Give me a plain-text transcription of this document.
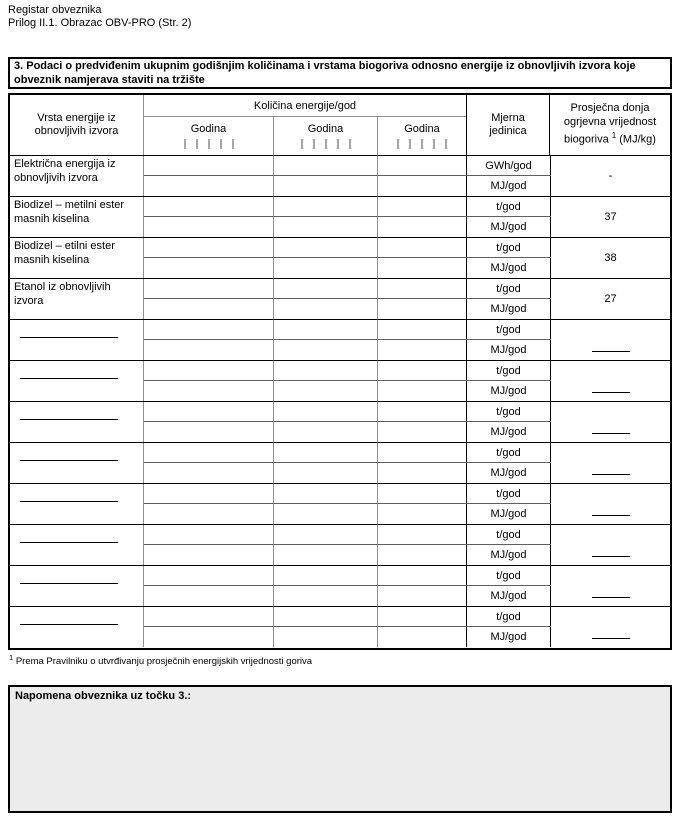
Registar obveznika
Prilog II.1. Obrazac OBV-PRO (Str. 2)
3. Podaci o predviđenim ukupnim godišnjim količinama i vrstama biogoriva odnosno energije iz obnovljivih izvora koje obveznik namjerava staviti na tržište
Vrsta energije iz obnovljivih izvora
Količina energije/god
Godina	Godina	Godina
Mjerna jedinica
Prosječna donja ogrjevna vrijednost biogoriva $^1$ (MJ/kg)
Električna energija iz obnovljivih izvora
GWh/god
MJ/god
-
Biodizel – metilni ester masnih kiselina
t/god
MJ/god
37
Biodizel – etilni ester masnih kiselina
t/god
MJ/god
38
Etanol iz obnovljivih izvora
t/god
MJ/god
27
t/god
MJ/god
t/god
MJ/god
t/god
MJ/god
t/god
MJ/god
t/god
MJ/god
t/god
MJ/god
t/god
MJ/god
t/god
MJ/god
$^1$ Prema Pravilniku o utvrđivanju prosječnih energijskih vrijednosti goriva
Napomena obveznika uz točku 3.:
